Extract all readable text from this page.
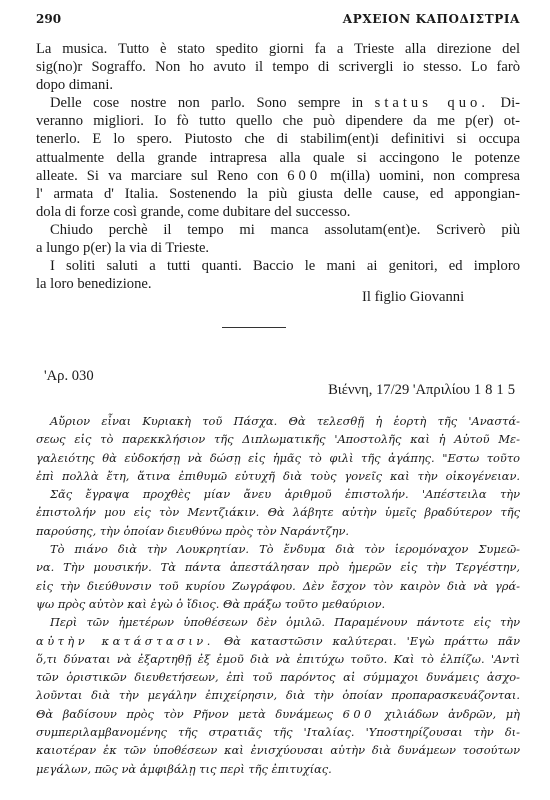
290	ΑΡΧΕΙΟΝ ΚΑΠΟΔΙΣΤΡΙΑ
La musica. Tutto è stato spedito giorni fa a Trieste alla direzione del
sig(no)r Sograffo. Non ho avuto il tempo di scrivergli io stesso. Lo farò
dopo dimani.
Delle cose nostre non parlo. Sono sempre in status quo. Di-
veranno migliori. Io fò tutto quello che può dipendere da me p(er) ot-
tenerlo. E lo spero. Piutosto che di stabilim(ent)i definitivi si occupa
attualmente della grande intrapresa alla quale si accingono le potenze
alleate. Si va marciare sul Reno con 600 m(illa) uomini, non compresa
l' armata d' Italia. Sostenendo la più giusta delle cause, ed appongian-
dola di forze così grande, come dubitare del successo.
Chiudo perchè il tempo mi manca assolutam(ent)e. Scriverò più
a lungo p(er) la via di Trieste.
I soliti saluti a tutti quanti. Baccio le mani ai genitori, ed imploro
la loro benedizione.
Il figlio Giovanni
'Αρ. 030
Βιέννη, 17/29 'Απριλίου 1815
Αὔριον εἶναι Κυριακὴ τοῦ Πάσχα. Θὰ τελεσθῇ ἡ ἑορτὴ τῆς 'Αναστά-
σεως εἰς τὸ παρεκκλήσιον τῆς Διπλωματικῆς 'Αποστολῆς καὶ ἡ Αὐτοῦ Με-
γαλειότης θὰ εὐδοκήσῃ νὰ δώσῃ εἰς ἡμᾶς τὸ φιλὶ τῆς ἀγάπης. "Εστω τοῦτο
ἐπὶ πολλὰ ἔτη, ἅτινα ἐπιθυμῶ εὐτυχῆ διὰ τοὺς γονεῖς καὶ τὴν οἰκογένειαν.
Σᾶς ἔγραψα προχθὲς μίαν ἄνευ ἀριθμοῦ ἐπιστολήν. 'Απέστειλα τὴν
ἐπιστολήν μου εἰς τὸν Μεντζιάκιν. Θὰ λάβητε αὐτὴν ὑμεῖς βραδύτερον τῆς
παρούσης, τὴν ὁποίαν διευθύνω πρὸς τὸν Ναράντζην.
Τὸ πιάνο διὰ τὴν Λουκρητίαν. Τὸ ἔνδυμα διὰ τὸν ἱερομόναχον Συμεῶ-
να. Τὴν μουσικήν. Τὰ πάντα ἀπεστάλησαν πρὸ ἡμερῶν εἰς τὴν Τεργέστην,
εἰς τὴν διεύθυνσιν τοῦ κυρίου Ζωγράφου. Δὲν ἔσχον τὸν καιρὸν διὰ νὰ γρά-
ψω πρὸς αὐτὸν καὶ ἐγὼ ὁ ἴδιος. Θὰ πράξω τοῦτο μεθαύριον.
Περὶ τῶν ἡμετέρων ὑποθέσεων δὲν ὁμιλῶ. Παραμένουν πάντοτε εἰς τὴν
αὐτὴν κατάστασιν. Θὰ καταστῶσιν καλύτεραι. 'Εγὼ πράττω πᾶν
ὅ,τι δύναται νὰ ἐξαρτηθῇ ἐξ ἐμοῦ διὰ νὰ ἐπιτύχω τοῦτο. Καὶ τὸ ἐλπίζω. 'Αντὶ
τῶν ὁριστικῶν διευθετήσεων, ἐπὶ τοῦ παρόντος αἱ σύμμαχοι δυνάμεις ἀσχο-
λοῦνται διὰ τὴν μεγάλην ἐπιχείρησιν, διὰ τὴν ὁποίαν προπαρασκευάζονται.
Θὰ βαδίσουν πρὸς τὸν Ρῆνον μετὰ δυνάμεως 600 χιλιάδων ἀνδρῶν, μὴ
συμπεριλαμβανομένης τῆς στρατιᾶς τῆς 'Ιταλίας. 'Υποστηρίζουσαι τὴν δι-
καιοτέραν ἐκ τῶν ὑποθέσεων καὶ ἐνισχύουσαι αὐτὴν διὰ δυνάμεων τοσούτων
μεγάλων, πῶς νὰ ἀμφιβάλῃ τις περὶ τῆς ἐπιτυχίας.
